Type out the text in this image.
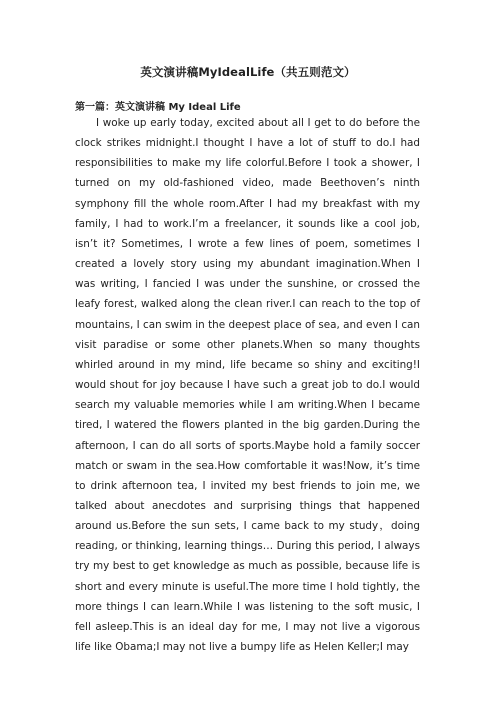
英文演讲稿MyIdealLife（共五则范文）
第一篇：英文演讲稿 My Ideal Life

I woke up early today, excited about all I get to do before the clock strikes midnight.I thought I have a lot of stuff to do.I had responsibilities to make my life colorful.Before I took a shower, I turned on my old-fashioned video, made Beethoven’s ninth symphony fill the whole room.After I had my breakfast with my family, I had to work.I’m a freelancer, it sounds like a cool job, isn’t it? Sometimes, I wrote a few lines of poem, sometimes I created a lovely story using my abundant imagination.When I was writing, I fancied I was under the sunshine, or crossed the leafy forest, walked along the clean river.I can reach to the top of mountains, I can swim in the deepest place of sea, and even I can visit paradise or some other planets.When so many thoughts whirled around in my mind, life became so shiny and exciting!I would shout for joy because I have such a great job to do.I would search my valuable memories while I am writing.When I became tired, I watered the flowers planted in the big garden.During the afternoon, I can do all sorts of sports.Maybe hold a family soccer match or swam in the sea.How comfortable it was!Now, it’s time to drink afternoon tea, I invited my best friends to join me, we talked about anecdotes and surprising things that happened around us.Before the sun sets, I came back to my study，doing reading, or thinking, learning things… During this period, I always try my best to get knowledge as much as possible, because life is short and every minute is useful.The more time I hold tightly, the more things I can learn.While I was listening to the soft music, I fell asleep.This is an ideal day for me, I may not live a vigorous life like Obama;I may not live a bumpy life as Helen Keller;I may
